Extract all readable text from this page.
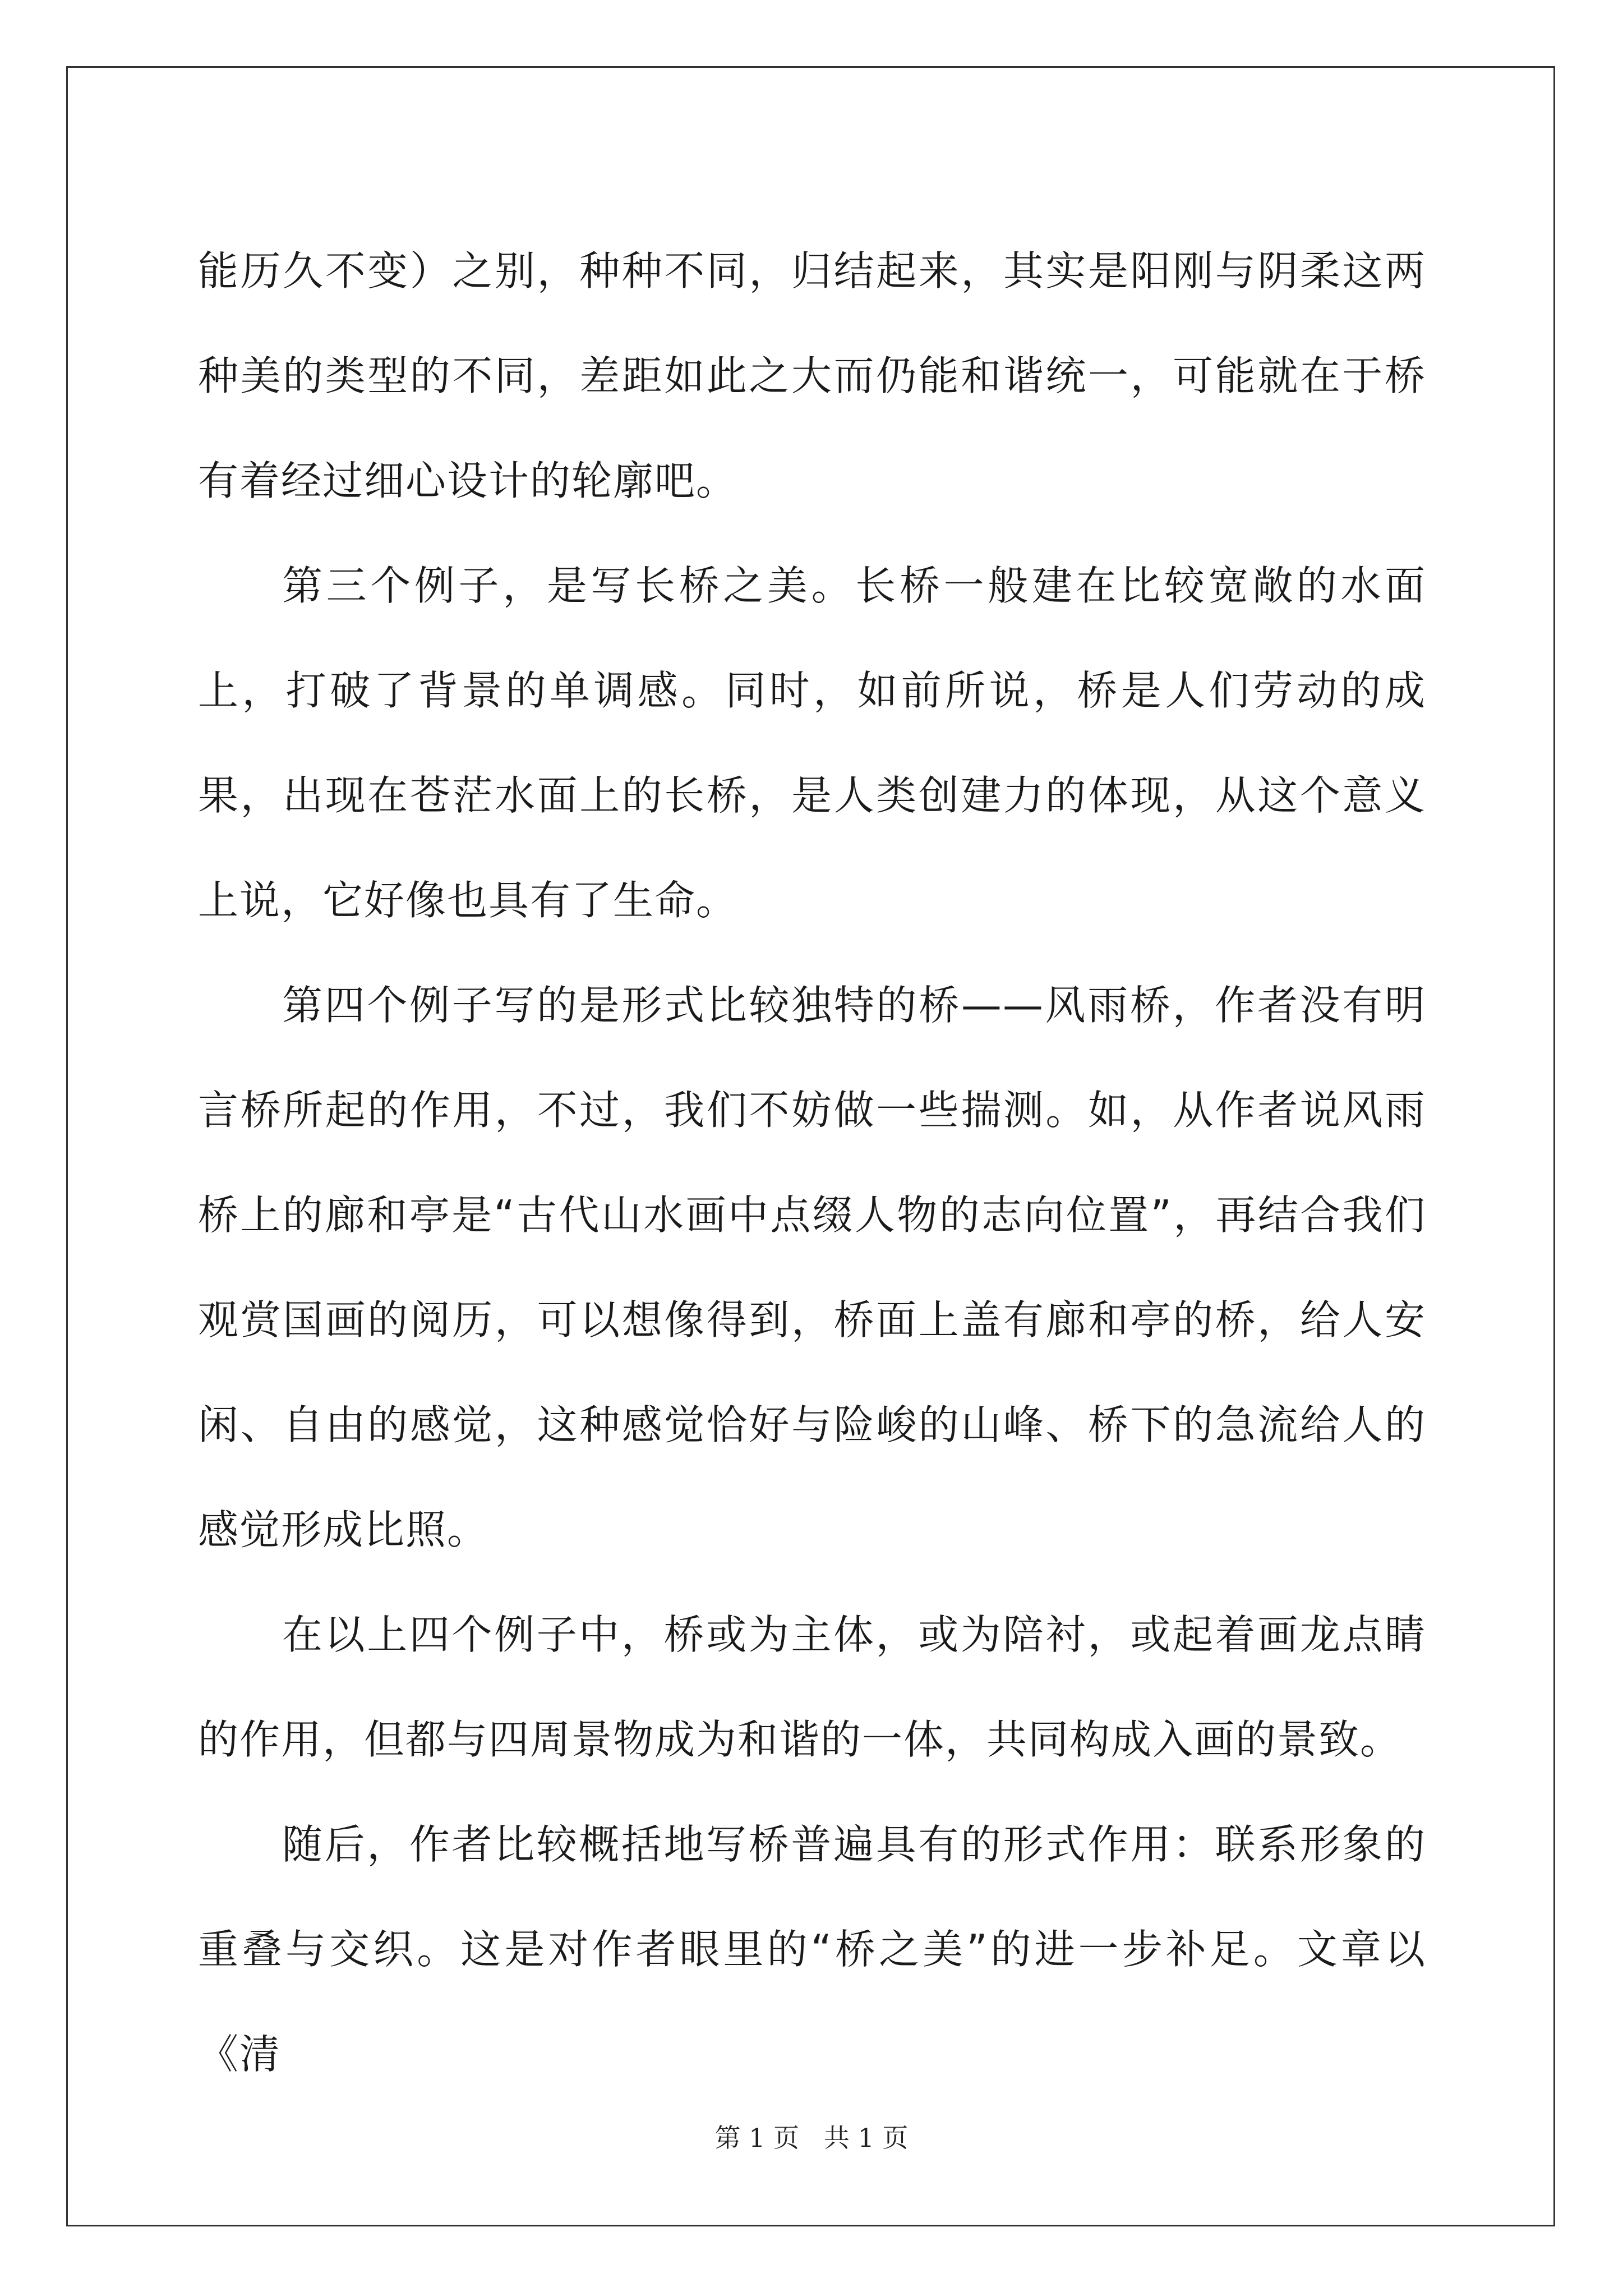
能历久不变）之别，种种不同，归结起来，其实是阳刚与阴柔这两种美的类型的不同，差距如此之大而仍能和谐统一，可能就在于桥有着经过细心设计的轮廓吧。

第三个例子，是写长桥之美。长桥一般建在比较宽敞的水面上，打破了背景的单调感。同时，如前所说，桥是人们劳动的成果，出现在苍茫水面上的长桥，是人类创建力的体现，从这个意义上说，它好像也具有了生命。

第四个例子写的是形式比较独特的桥——风雨桥，作者没有明言桥所起的作用，不过，我们不妨做一些揣测。如，从作者说风雨桥上的廊和亭是“古代山水画中点缀人物的志向位置”，再结合我们观赏国画的阅历，可以想像得到，桥面上盖有廊和亭的桥，给人安闲、自由的感觉，这种感觉恰好与险峻的山峰、桥下的急流给人的感觉形成比照。

在以上四个例子中，桥或为主体，或为陪衬，或起着画龙点睛的作用，但都与四周景物成为和谐的一体，共同构成入画的景致。

随后，作者比较概括地写桥普遍具有的形式作用：联系形象的重叠与交织。这是对作者眼里的“桥之美”的进一步补足。文章以《清

第 1 页   共 1 页
